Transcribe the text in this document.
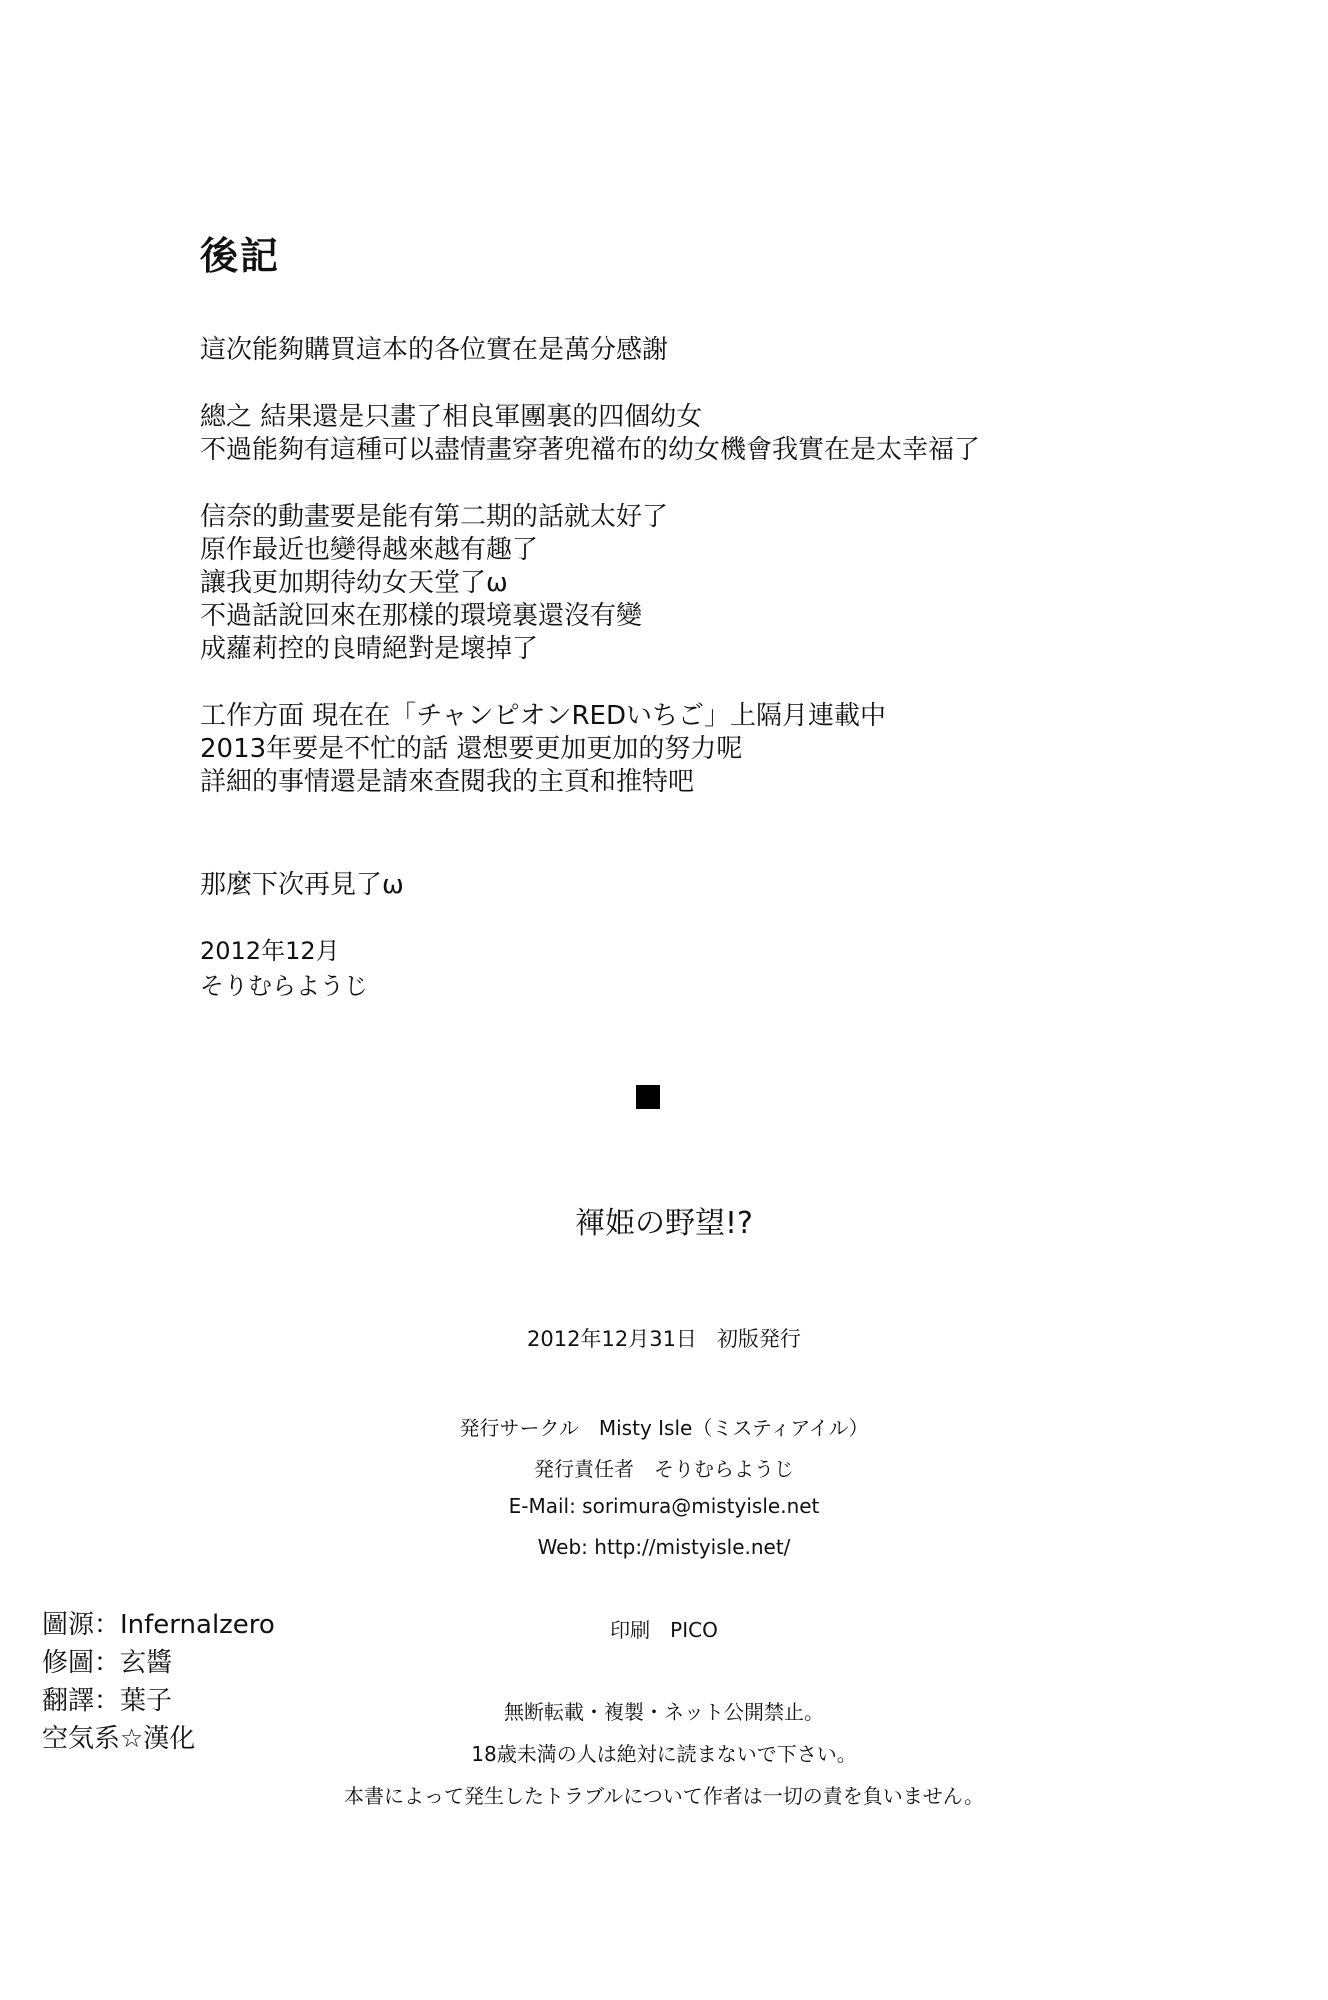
後記
這次能夠購買這本的各位實在是萬分感謝
總之 結果還是只畫了相良軍團裏的四個幼女
不過能夠有這種可以盡情畫穿著兜襠布的幼女機會我實在是太幸福了
信奈的動畫要是能有第二期的話就太好了
原作最近也變得越來越有趣了
讓我更加期待幼女天堂了ω
不過話說回來在那樣的環境裏還沒有變
成蘿莉控的良晴絕對是壞掉了
工作方面 現在在「チャンピオンREDいちご」上隔月連載中
2013年要是不忙的話 還想要更加更加的努力呢
詳細的事情還是請來查閱我的主頁和推特吧
那麼下次再見了ω
2012年12月
そりむらようじ
褌姫の野望!?
2012年12月31日 初版発行
発行サークル　Misty Isle（ミスティアイル）
発行責任者　そりむらようじ
E-Mail: sorimura@mistyisle.net
Web: http://mistyisle.net/
印刷　PICO
無断転載・複製・ネット公開禁止。
18歳未満の人は絶対に読まないで下さい。
本書によって発生したトラブルについて作者は一切の責を負いません。
圖源：Infernalzero
修圖：玄醬
翻譯：葉子
空気系☆漢化
